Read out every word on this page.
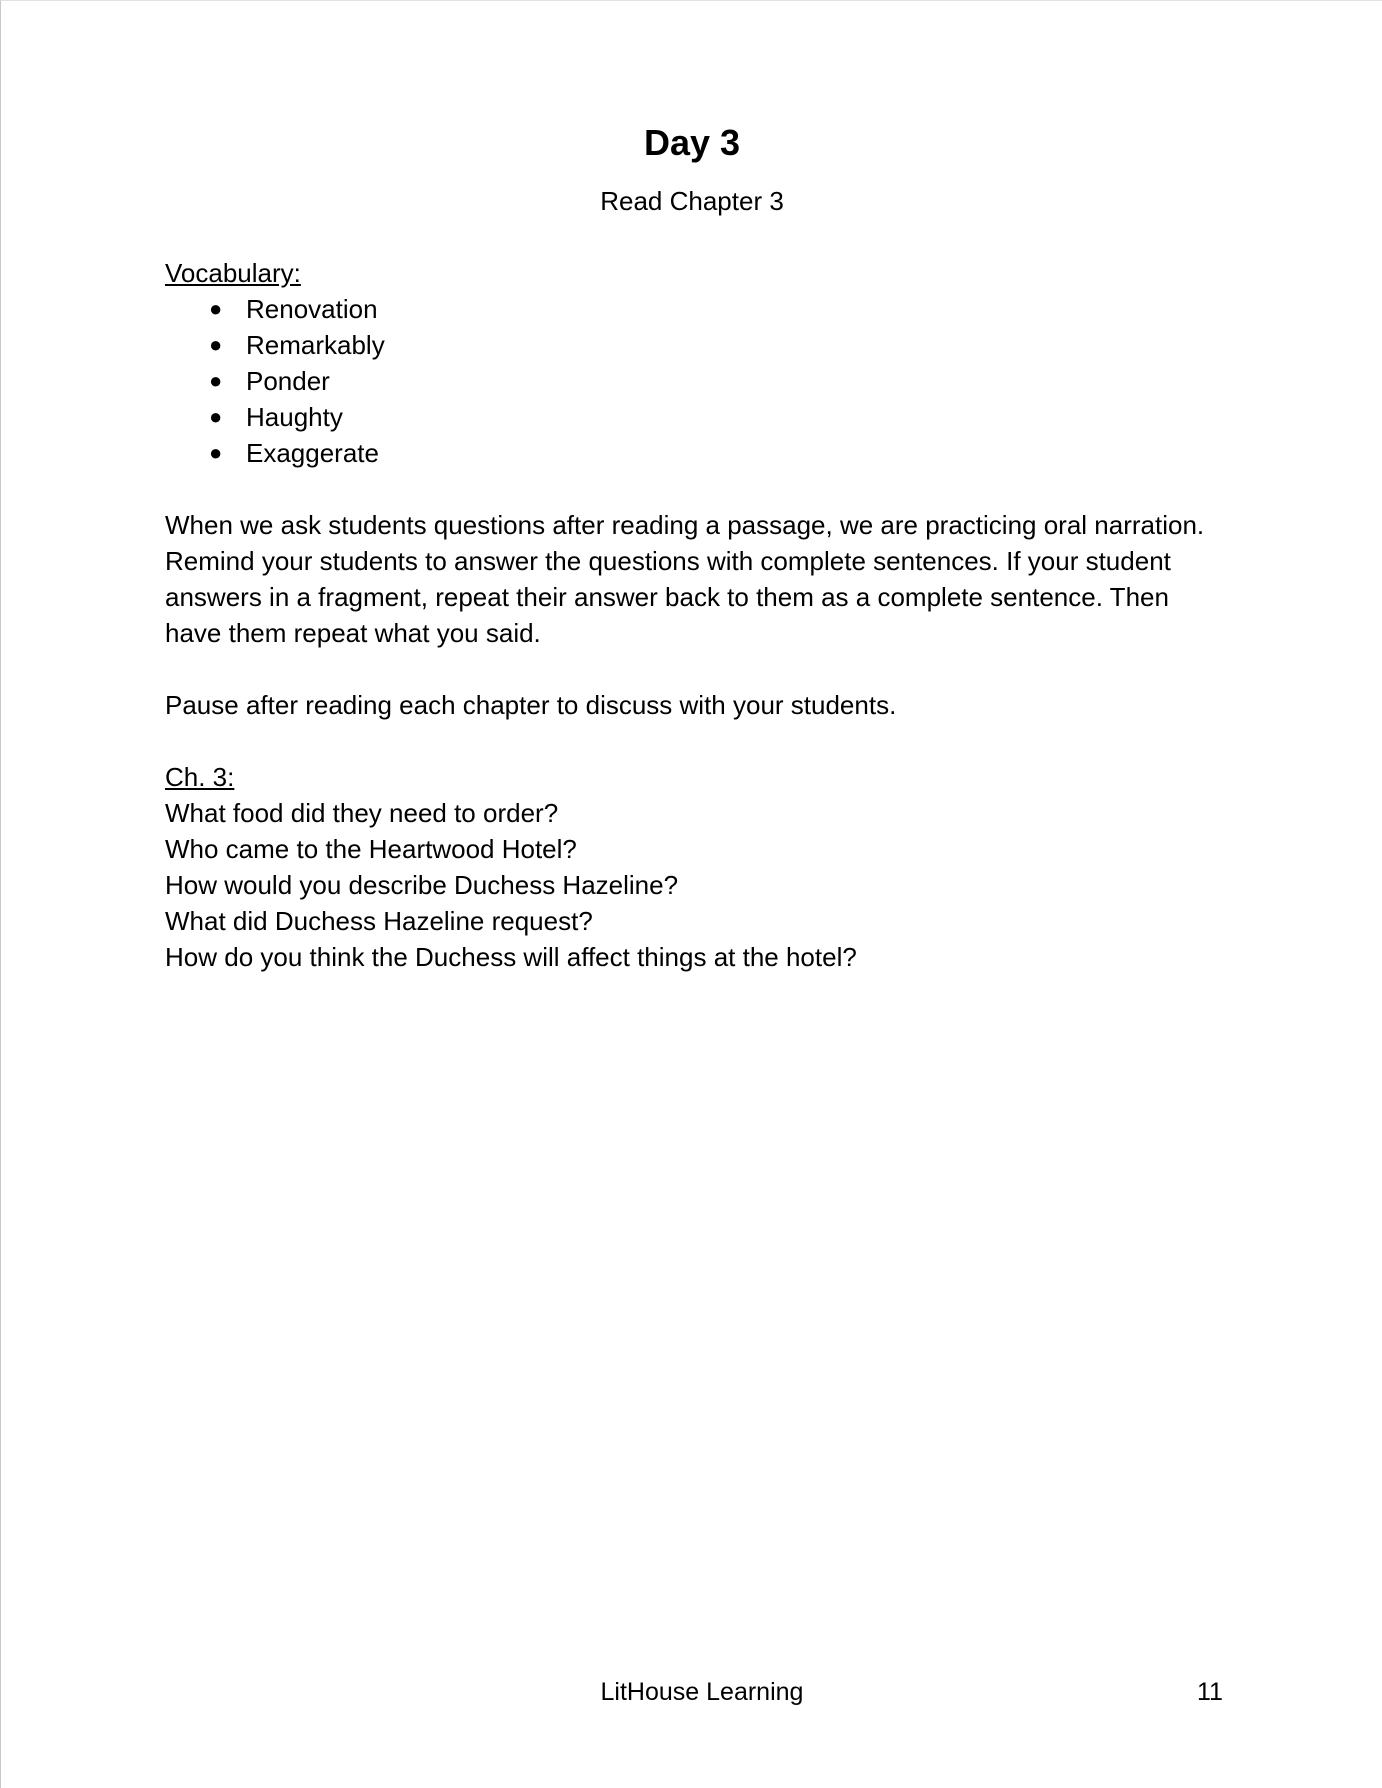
Day 3
Read Chapter 3
Vocabulary:
● Renovation
● Remarkably
● Ponder
● Haughty
● Exaggerate

When we ask students questions after reading a passage, we are practicing oral narration. Remind your students to answer the questions with complete sentences. If your student answers in a fragment, repeat their answer back to them as a complete sentence. Then have them repeat what you said.

Pause after reading each chapter to discuss with your students.

Ch. 3:
What food did they need to order?
Who came to the Heartwood Hotel?
How would you describe Duchess Hazeline?
What did Duchess Hazeline request?
How do you think the Duchess will affect things at the hotel?
LitHouse Learning	11
